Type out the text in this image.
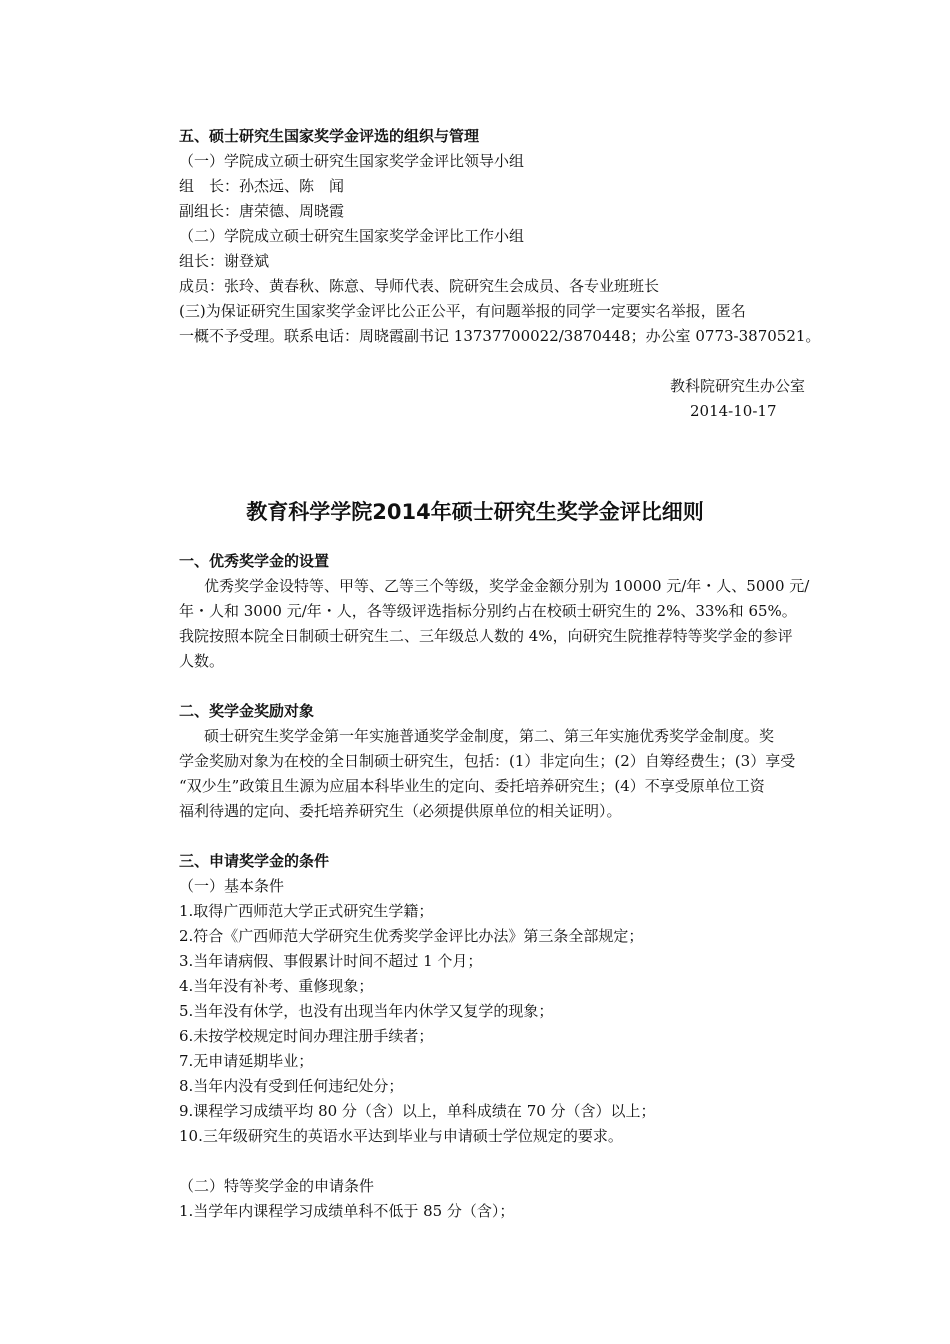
五、硕士研究生国家奖学金评选的组织与管理
（一）学院成立硕士研究生国家奖学金评比领导小组
组　长：孙杰远、陈　闻
副组长：唐荣德、周晓霞
（二）学院成立硕士研究生国家奖学金评比工作小组
组长：谢登斌
成员：张玲、黄春秋、陈意、导师代表、院研究生会成员、各专业班班长
(三)为保证研究生国家奖学金评比公正公平，有问题举报的同学一定要实名举报，匿名
一概不予受理。联系电话：周晓霞副书记 13737700022/3870448；办公室 0773-3870521。
教科院研究生办公室
2014-10-17
教育科学学院2014年硕士研究生奖学金评比细则
一、优秀奖学金的设置
优秀奖学金设特等、甲等、乙等三个等级，奖学金金额分别为 10000 元/年・人、5000 元/
年・人和 3000 元/年・人，各等级评选指标分别约占在校硕士研究生的 2%、33%和 65%。
我院按照本院全日制硕士研究生二、三年级总人数的 4%，向研究生院推荐特等奖学金的参评
人数。
二、奖学金奖励对象
硕士研究生奖学金第一年实施普通奖学金制度，第二、第三年实施优秀奖学金制度。奖
学金奖励对象为在校的全日制硕士研究生，包括：(1）非定向生；(2）自筹经费生；(3）享受
“双少生”政策且生源为应届本科毕业生的定向、委托培养研究生；(4）不享受原单位工资
福利待遇的定向、委托培养研究生（必须提供原单位的相关证明）。
三、申请奖学金的条件
（一）基本条件
1.取得广西师范大学正式研究生学籍；
2.符合《广西师范大学研究生优秀奖学金评比办法》第三条全部规定；
3.当年请病假、事假累计时间不超过 1 个月；
4.当年没有补考、重修现象；
5.当年没有休学，也没有出现当年内休学又复学的现象；
6.未按学校规定时间办理注册手续者；
7.无申请延期毕业；
8.当年内没有受到任何违纪处分；
9.课程学习成绩平均 80 分（含）以上，单科成绩在 70 分（含）以上；
10.三年级研究生的英语水平达到毕业与申请硕士学位规定的要求。
（二）特等奖学金的申请条件
1.当学年内课程学习成绩单科不低于 85 分（含）；
